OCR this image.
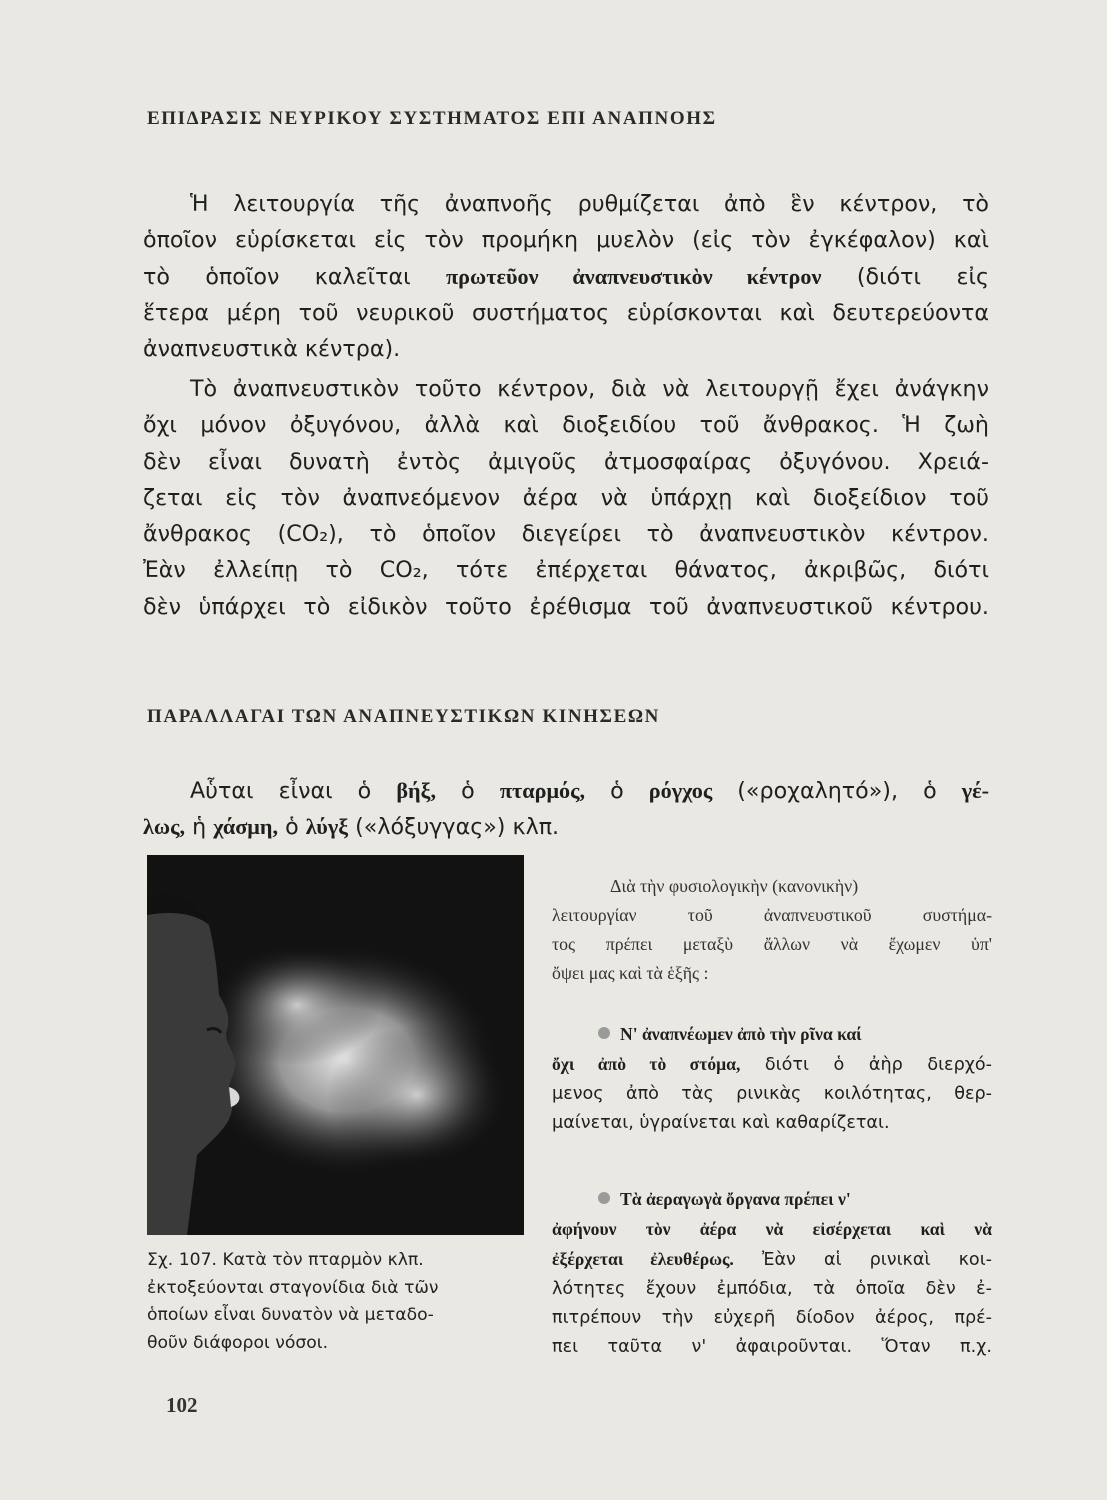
ΕΠΙΔΡΑΣΙΣ ΝΕΥΡΙΚΟΥ ΣΥΣΤΗΜΑΤΟΣ ΕΠΙ ΑΝΑΠΝΟΗΣ
Ἡ λειτουργία τῆς ἀναπνοῆς ρυθμίζεται ἀπὸ ἓν κέντρον, τὸ
ὁποῖον εὑρίσκεται εἰς τὸν προμήκη μυελὸν (εἰς τὸν ἐγκέφαλον) καὶ
τὸ ὁποῖον καλεῖται πρωτεῦον ἀναπνευστικὸν κέντρον (διότι εἰς
ἕτερα μέρη τοῦ νευρικοῦ συστήματος εὑρίσκονται καὶ δευτερεύοντα
ἀναπνευστικὰ κέντρα).
Τὸ ἀναπνευστικὸν τοῦτο κέντρον, διὰ νὰ λειτουργῇ ἔχει ἀνάγκην
ὄχι μόνον ὀξυγόνου, ἀλλὰ καὶ διοξειδίου τοῦ ἄνθρακος. Ἡ ζωὴ
δὲν εἶναι δυνατὴ ἐντὸς ἀμιγοῦς ἀτμοσφαίρας ὀξυγόνου. Χρειά-
ζεται εἰς τὸν ἀναπνεόμενον ἀέρα νὰ ὑπάρχῃ καὶ διοξείδιον τοῦ
ἄνθρακος (CO₂), τὸ ὁποῖον διεγείρει τὸ ἀναπνευστικὸν κέντρον.
Ἐὰν ἐλλείπῃ τὸ CO₂, τότε ἐπέρχεται θάνατος, ἀκριβῶς, διότι
δὲν ὑπάρχει τὸ εἰδικὸν τοῦτο ἐρέθισμα τοῦ ἀναπνευστικοῦ κέντρου.
ΠΑΡΑΛΛΑΓΑΙ ΤΩΝ ΑΝΑΠΝΕΥΣΤΙΚΩΝ ΚΙΝΗΣΕΩΝ
Αὗται εἶναι ὁ βήξ, ὁ πταρμός, ὁ ρόγχος («ροχαλητό»), ὁ γέ-
λως, ἡ χάσμη, ὁ λύγξ («λόξυγγας») κλπ.
Σχ. 107. Κατὰ τὸν πταρμὸν κλπ.
ἐκτοξεύονται σταγονίδια διὰ τῶν
ὁποίων εἶναι δυνατὸν νὰ μεταδο-
θοῦν διάφοροι νόσοι.
Διὰ τὴν φυσιολογικὴν (κανονικὴν)
λειτουργίαν τοῦ ἀναπνευστικοῦ συστήμα-
τος πρέπει μεταξὺ ἄλλων νὰ ἔχωμεν ὑπ'
ὄψει μας καὶ τὰ ἑξῆς :
Ν' ἀναπνέωμεν ἀπὸ τὴν ρῖνα καί
ὄχι ἀπὸ τὸ στόμα, διότι ὁ ἀὴρ διερχό-
μενος ἀπὸ τὰς ρινικὰς κοιλότητας, θερ-
μαίνεται, ὑγραίνεται καὶ καθαρίζεται.
Τὰ ἀεραγωγὰ ὄργανα πρέπει ν'
ἀφήνουν τὸν ἀέρα νὰ εἰσέρχεται καὶ νὰ
ἐξέρχεται ἐλευθέρως. Ἐὰν αἱ ρινικαὶ κοι-
λότητες ἔχουν ἐμπόδια, τὰ ὁποῖα δὲν ἐ-
πιτρέπουν τὴν εὐχερῆ δίοδον ἀέρος, πρέ-
πει ταῦτα ν' ἀφαιροῦνται. Ὅταν π.χ.
102
